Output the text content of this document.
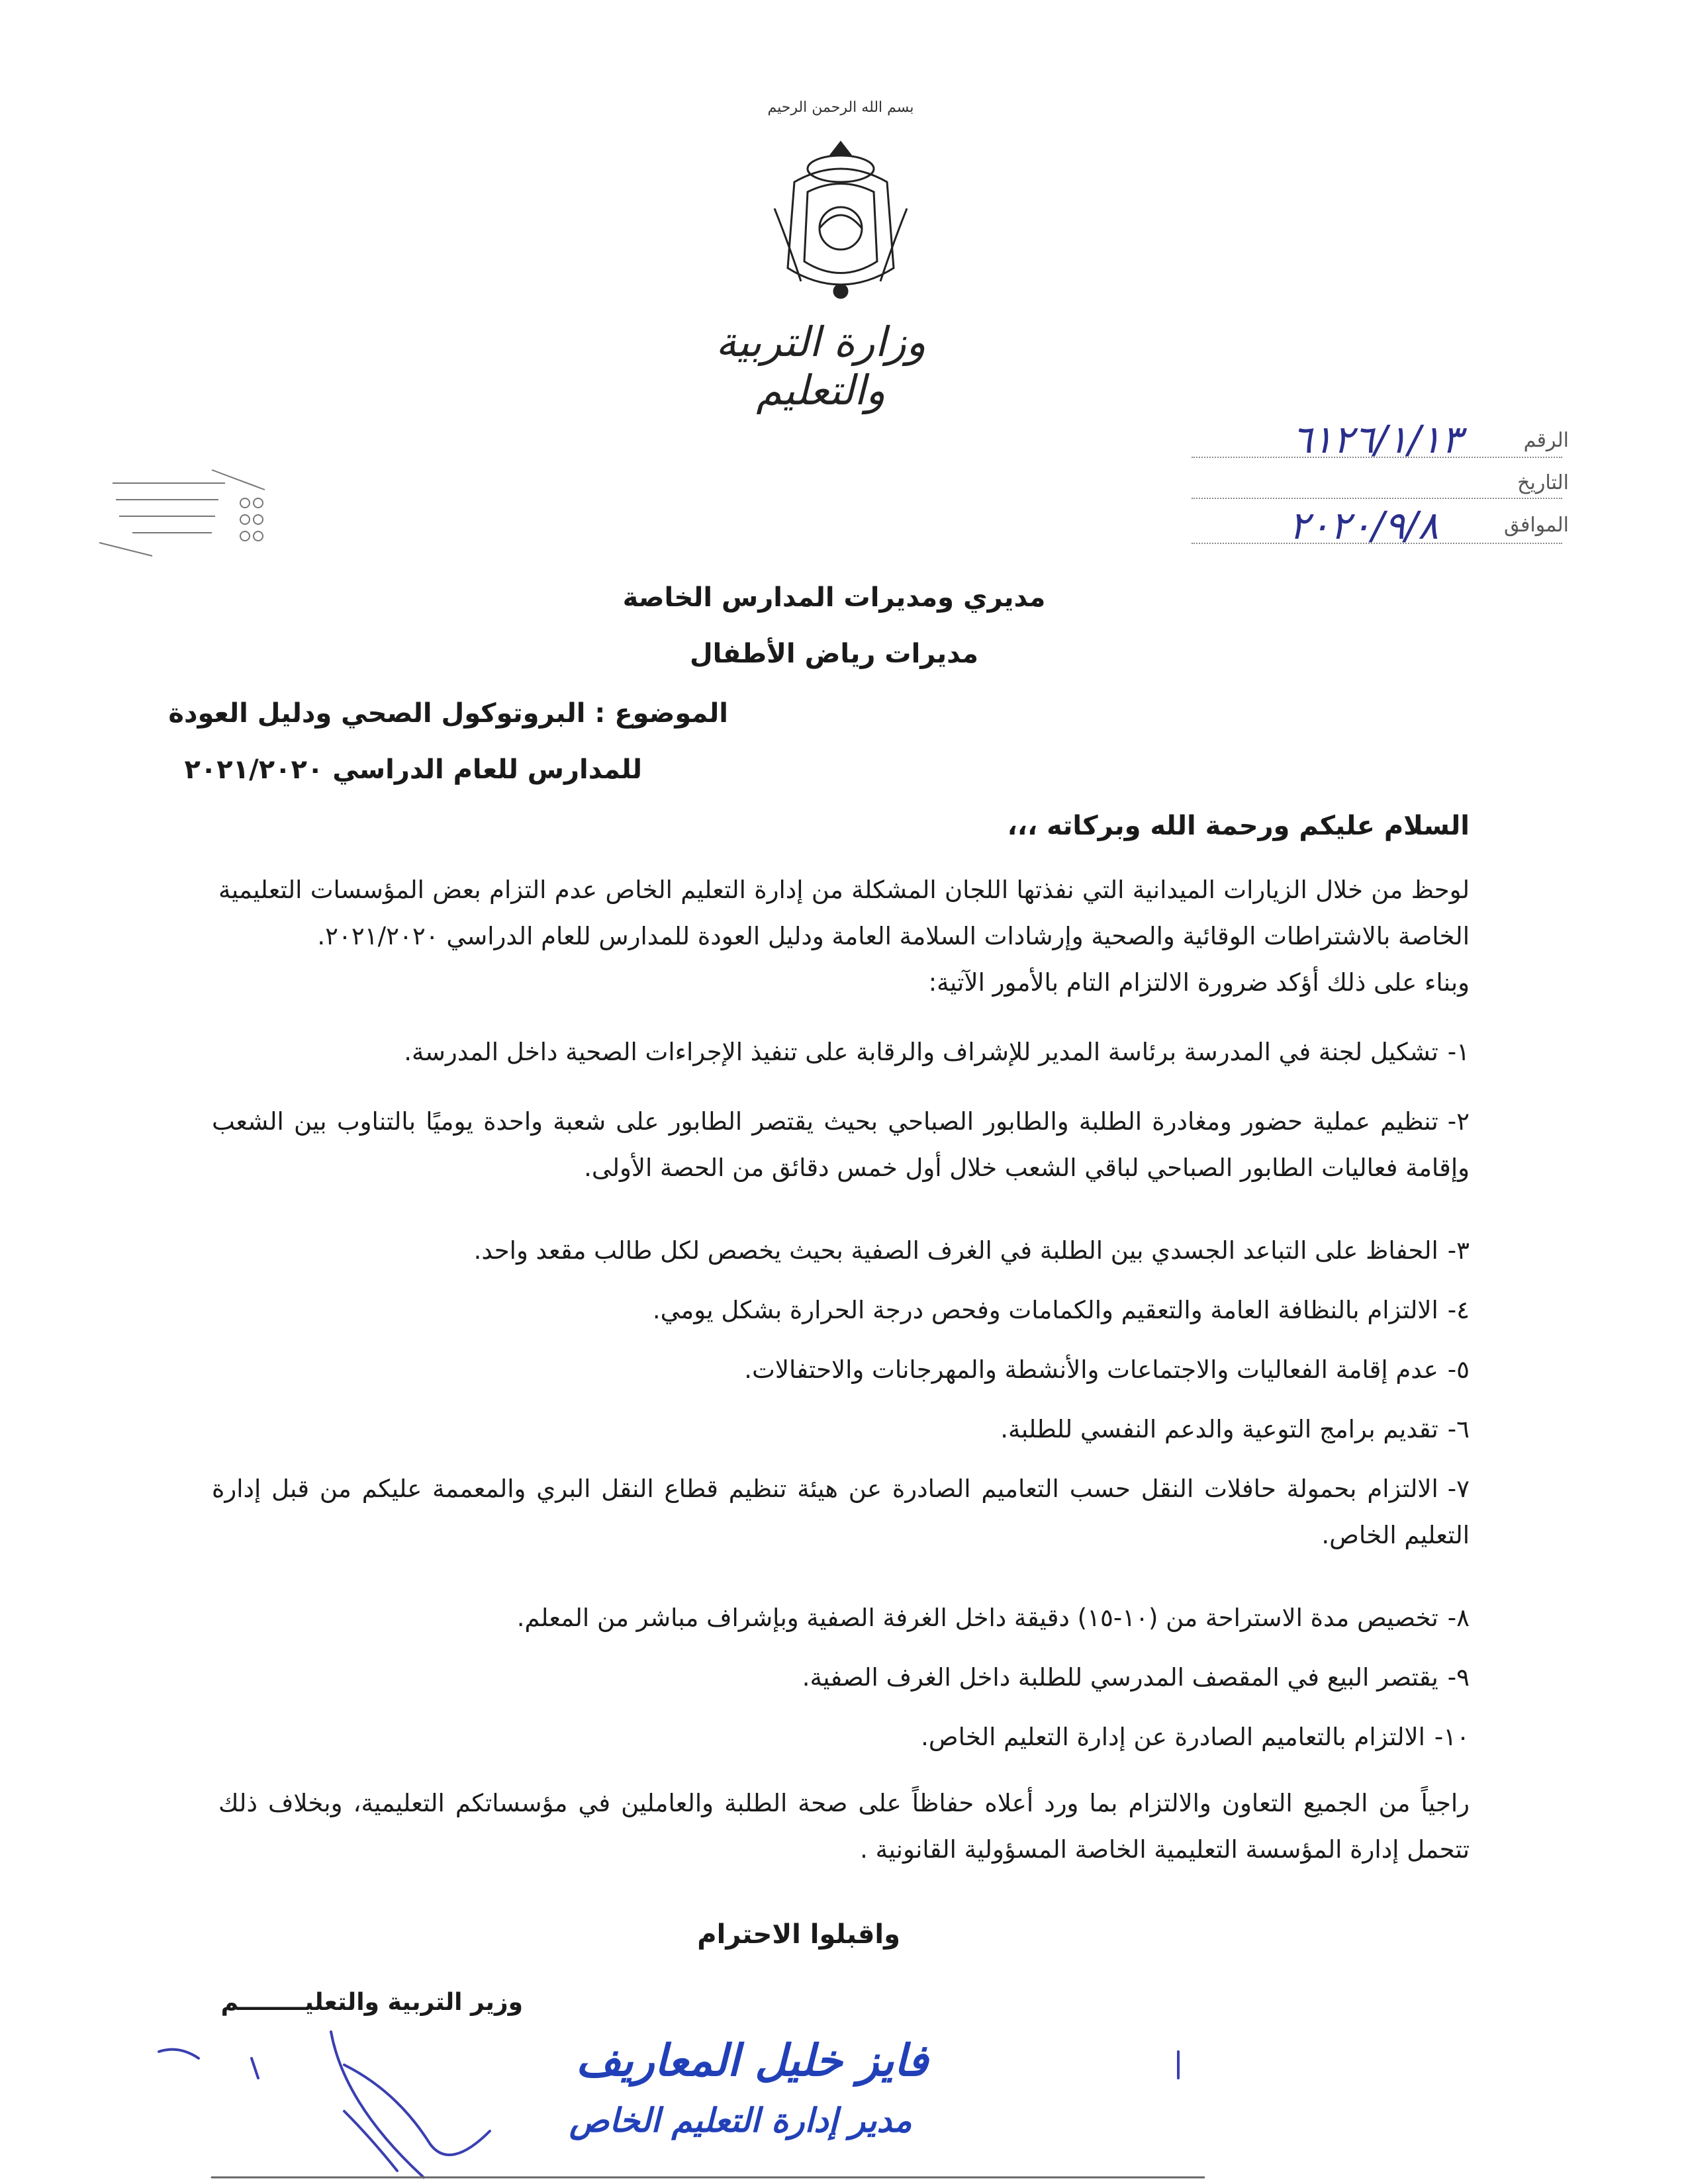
بسم الله الرحمن الرحيم
وزارة التربية والتعليم
الرقم
٦١٢٦/١/١٣
التاريخ
الموافق
٢٠٢٠/٩/٨
مديري ومديرات المدارس الخاصة
مديرات رياض الأطفال
الموضوع : البروتوكول الصحي ودليل العودة
للمدارس للعام الدراسي ٢٠٢١/٢٠٢٠
السلام عليكم ورحمة الله وبركاته ،،،
لوحظ من خلال الزيارات الميدانية التي نفذتها اللجان المشكلة من إدارة التعليم الخاص عدم التزام بعض المؤسسات التعليمية الخاصة بالاشتراطات الوقائية والصحية وإرشادات السلامة العامة ودليل العودة للمدارس للعام الدراسي ٢٠٢١/٢٠٢٠.
وبناء على ذلك أؤكد ضرورة الالتزام التام بالأمور الآتية:
١-تشكيل لجنة في المدرسة برئاسة المدير للإشراف والرقابة على تنفيذ الإجراءات الصحية داخل المدرسة.
٢-تنظيم عملية حضور ومغادرة الطلبة والطابور الصباحي بحيث يقتصر الطابور على شعبة واحدة يوميًا بالتناوب بين الشعب وإقامة فعاليات الطابور الصباحي لباقي الشعب خلال أول خمس دقائق من الحصة الأولى.
٣-الحفاظ على التباعد الجسدي بين الطلبة في الغرف الصفية بحيث يخصص لكل طالب مقعد واحد.
٤-الالتزام بالنظافة العامة والتعقيم والكمامات وفحص درجة الحرارة بشكل يومي.
٥-عدم إقامة الفعاليات والاجتماعات والأنشطة والمهرجانات والاحتفالات.
٦-تقديم برامج التوعية والدعم النفسي للطلبة.
٧-الالتزام بحمولة حافلات النقل حسب التعاميم الصادرة عن هيئة تنظيم قطاع النقل البري والمعممة عليكم من قبل إدارة التعليم الخاص.
٨-تخصيص مدة الاستراحة من (١٠-١٥) دقيقة داخل الغرفة الصفية وبإشراف مباشر من المعلم.
٩-يقتصر البيع في المقصف المدرسي للطلبة داخل الغرف الصفية.
١٠-الالتزام بالتعاميم الصادرة عن إدارة التعليم الخاص.
راجياً من الجميع التعاون والالتزام بما ورد أعلاه حفاظاً على صحة الطلبة والعاملين في مؤسساتكم التعليمية، وبخلاف ذلك تتحمل إدارة المؤسسة التعليمية الخاصة المسؤولية القانونية .
واقبلوا الاحترام
وزير التربية والتعليــــــــم
فايز خليل المعاريف
مدير إدارة التعليم الخاص
